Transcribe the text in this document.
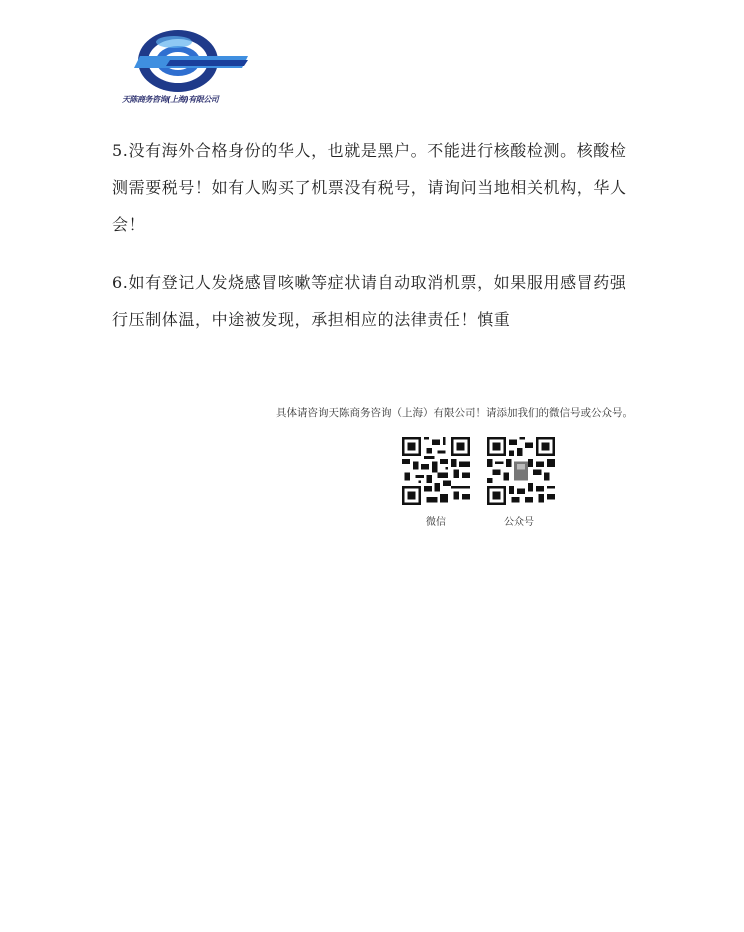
天陈商务咨询(上海)有限公司

5.没有海外合格身份的华人，也就是黑户。不能进行核酸检测。核酸检测需要税号！如有人购买了机票没有税号，请询问当地相关机构，华人会！

6.如有登记人发烧感冒咳嗽等症状请自动取消机票，如果服用感冒药强行压制体温，中途被发现，承担相应的法律责任！慎重

具体请咨询天陈商务咨询（上海）有限公司！请添加我们的微信号或公众号。
微信	公众号
